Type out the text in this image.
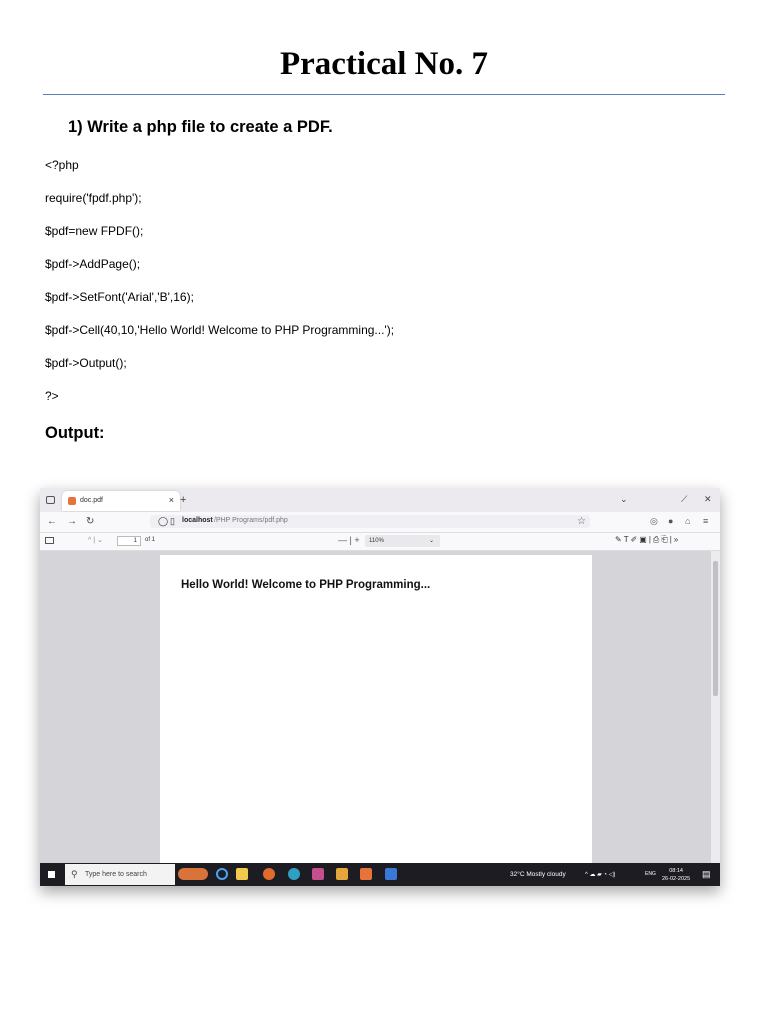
Practical No. 7
1) Write a php file to create a PDF.
<?php
require('fpdf.php');
$pdf=new FPDF();
$pdf->AddPage();
$pdf->SetFont('Arial','B',16);
$pdf->Cell(40,10,'Hello World! Welcome to PHP Programming...');
$pdf->Output();
?>
Output:
doc.pdf	× +	⌄	⟋ ✕
← → ↻	◯ ▯ localhost /PHP Programs/pdf.php	☆	◎ ● ⌂ ≡
^ | ⌄	1	of 1	— | +	110%	⌄	✎T✐▣|⎙⎗|»
Hello World! Welcome to PHP Programming...
⚲ Type here to search	32°C Mostly cloudy	^ ☁ ▰ ◔ ◁)	ENG	08:14
26-02-2025 ▤
